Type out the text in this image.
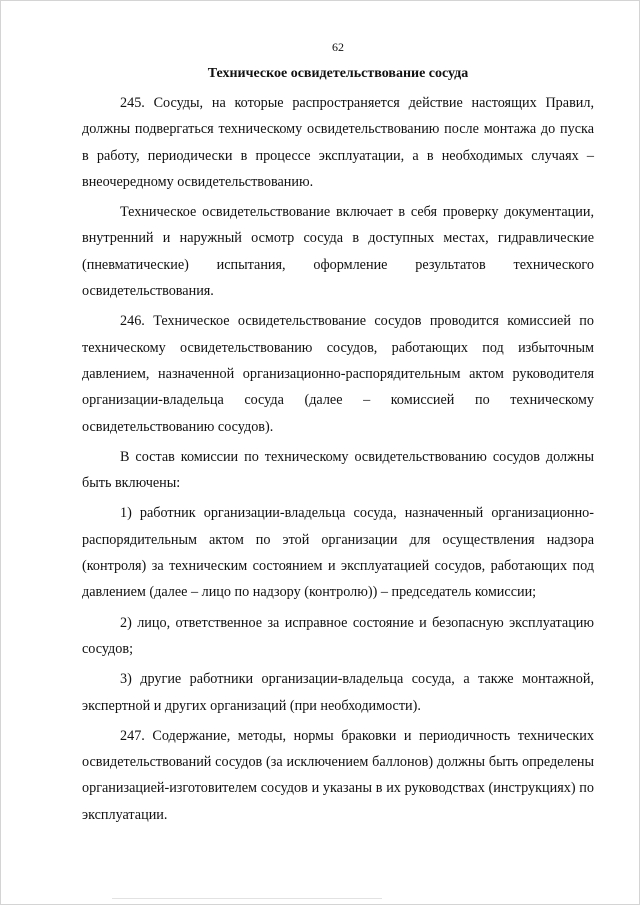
62
Техническое освидетельствование сосуда

245. Сосуды, на которые распространяется действие настоящих Правил, должны подвергаться техническому освидетельствованию после монтажа до пуска в работу, периодически в процессе эксплуатации, а в необходимых случаях – внеочередному освидетельствованию.

Техническое освидетельствование включает в себя проверку документации, внутренний и наружный осмотр сосуда в доступных местах, гидравлические (пневматические) испытания, оформление результатов технического освидетельствования.

246. Техническое освидетельствование сосудов проводится комиссией по техническому освидетельствованию сосудов, работающих под избыточным давлением, назначенной организационно-распорядительным актом руководителя организации-владельца сосуда (далее – комиссией по техническому освидетельствованию сосудов).

В состав комиссии по техническому освидетельствованию сосудов должны быть включены:

1) работник организации-владельца сосуда, назначенный организационно-распорядительным актом по этой организации для осуществления надзора (контроля) за техническим состоянием и эксплуатацией сосудов, работающих под давлением (далее – лицо по надзору (контролю)) – председатель комиссии;

2) лицо, ответственное за исправное состояние и безопасную эксплуатацию сосудов;

3) другие работники организации-владельца сосуда, а также монтажной, экспертной и других организаций (при необходимости).

247. Содержание, методы, нормы браковки и периодичность технических освидетельствований сосудов (за исключением баллонов) должны быть определены организацией-изготовителем сосудов и указаны в их руководствах (инструкциях) по эксплуатации.
